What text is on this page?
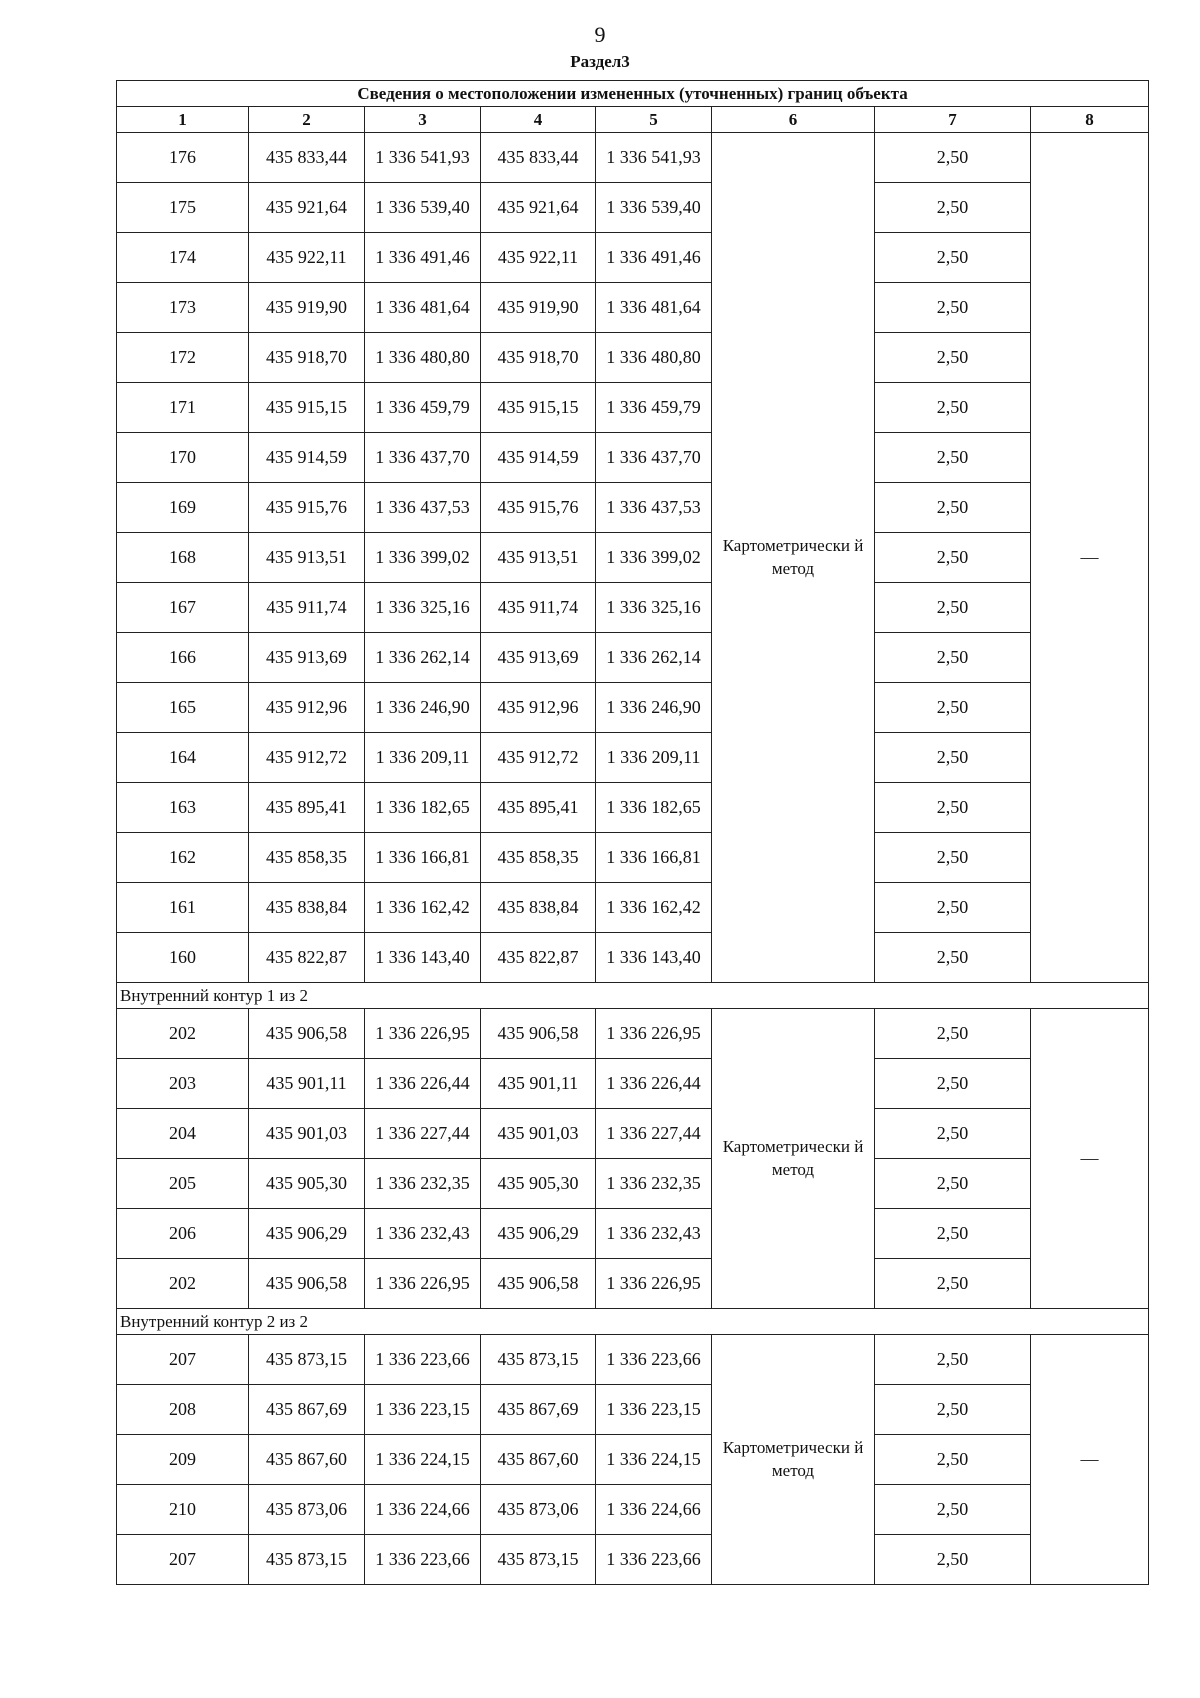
9
Раздел3
Сведения о местоположении измененных (уточненных) границ объекта							
1	2	3	4	5	6	7	8
176	435 833,44	1 336 541,93	435 833,44	1 336 541,93	Картометрически й метод	2,50	—
175	435 921,64	1 336 539,40	435 921,64	1 336 539,40		2,50	
174	435 922,11	1 336 491,46	435 922,11	1 336 491,46		2,50	
173	435 919,90	1 336 481,64	435 919,90	1 336 481,64		2,50	
172	435 918,70	1 336 480,80	435 918,70	1 336 480,80		2,50	
171	435 915,15	1 336 459,79	435 915,15	1 336 459,79		2,50	
170	435 914,59	1 336 437,70	435 914,59	1 336 437,70		2,50	
169	435 915,76	1 336 437,53	435 915,76	1 336 437,53		2,50	
168	435 913,51	1 336 399,02	435 913,51	1 336 399,02		2,50	
167	435 911,74	1 336 325,16	435 911,74	1 336 325,16		2,50	
166	435 913,69	1 336 262,14	435 913,69	1 336 262,14		2,50	
165	435 912,96	1 336 246,90	435 912,96	1 336 246,90		2,50	
164	435 912,72	1 336 209,11	435 912,72	1 336 209,11		2,50	
163	435 895,41	1 336 182,65	435 895,41	1 336 182,65		2,50	
162	435 858,35	1 336 166,81	435 858,35	1 336 166,81		2,50	
161	435 838,84	1 336 162,42	435 838,84	1 336 162,42		2,50	
160	435 822,87	1 336 143,40	435 822,87	1 336 143,40		2,50	
Внутренний контур 1 из 2							
202	435 906,58	1 336 226,95	435 906,58	1 336 226,95	Картометрически й метод	2,50	—
203	435 901,11	1 336 226,44	435 901,11	1 336 226,44		2,50	
204	435 901,03	1 336 227,44	435 901,03	1 336 227,44		2,50	
205	435 905,30	1 336 232,35	435 905,30	1 336 232,35		2,50	
206	435 906,29	1 336 232,43	435 906,29	1 336 232,43		2,50	
202	435 906,58	1 336 226,95	435 906,58	1 336 226,95		2,50	
Внутренний контур 2 из 2							
207	435 873,15	1 336 223,66	435 873,15	1 336 223,66	Картометрически й метод	2,50	—
208	435 867,69	1 336 223,15	435 867,69	1 336 223,15		2,50	
209	435 867,60	1 336 224,15	435 867,60	1 336 224,15		2,50	
210	435 873,06	1 336 224,66	435 873,06	1 336 224,66		2,50	
207	435 873,15	1 336 223,66	435 873,15	1 336 223,66		2,50	
